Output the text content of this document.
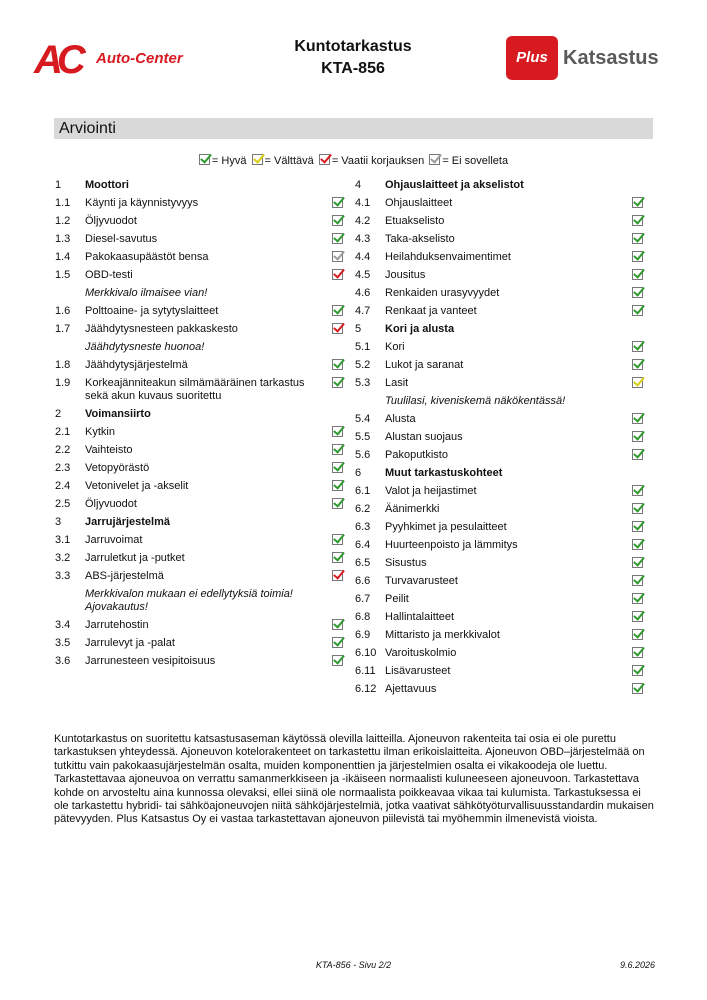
AC Auto-Center
Kuntotarkastus
KTA-856
Plus Katsastus
Arviointi
= Hyvä
= Välttävä
= Vaatii korjauksen
= Ei sovelleta
1	Moottori
1.1	Käynti ja käynnistyvyys
1.2	Öljyvuodot
1.3	Diesel-savutus
1.4	Pakokaasupäästöt bensa
1.5	OBD-testi
Merkkivalo ilmaisee vian!
1.6	Polttoaine- ja sytytyslaitteet
1.7	Jäähdytysnesteen pakkaskesto
Jäähdytysneste huonoa!
1.8	Jäähdytysjärjestelmä
1.9	Korkeajänniteakun silmämääräinen tarkastus sekä akun kuvaus suoritettu
2	Voimansiirto
2.1	Kytkin
2.2	Vaihteisto
2.3	Vetopyörästö
2.4	Vetonivelet ja -akselit
2.5	Öljyvuodot
3	Jarrujärjestelmä
3.1	Jarruvoimat
3.2	Jarruletkut ja -putket
3.3	ABS-järjestelmä
Merkkivalon mukaan ei edellytyksiä toimia! Ajovakautus!
3.4	Jarrutehostin
3.5	Jarrulevyt ja -palat
3.6	Jarrunesteen vesipitoisuus
4	Ohjauslaitteet ja akselistot
4.1	Ohjauslaitteet
4.2	Etuakselisto
4.3	Taka-akselisto
4.4	Heilahduksenvaimentimet
4.5	Jousitus
4.6	Renkaiden urasyvyydet
4.7	Renkaat ja vanteet
5	Kori ja alusta
5.1	Kori
5.2	Lukot ja saranat
5.3	Lasit
Tuulilasi, kiveniskemä näkökentässä!
5.4	Alusta
5.5	Alustan suojaus
5.6	Pakoputkisto
6	Muut tarkastuskohteet
6.1	Valot ja heijastimet
6.2	Äänimerkki
6.3	Pyyhkimet ja pesulaitteet
6.4	Huurteenpoisto ja lämmitys
6.5	Sisustus
6.6	Turvavarusteet
6.7	Peilit
6.8	Hallintalaitteet
6.9	Mittaristo ja merkkivalot
6.10 Varoituskolmio
6.11 Lisävarusteet
6.12 Ajettavuus
Kuntotarkastus on suoritettu katsastusaseman käytössä olevilla laitteilla. Ajoneuvon rakenteita tai osia ei ole purettu tarkastuksen yhteydessä. Ajoneuvon kotelorakenteet on tarkastettu ilman erikoislaitteita. Ajoneuvon OBD–järjestelmää on tutkittu vain pakokaasujärjestelmän osalta, muiden komponenttien ja järjestelmien osalta ei vikakoodeja ole luettu. Tarkastettavaa ajoneuvoa on verrattu samanmerkkiseen ja -ikäiseen normaalisti kuluneeseen ajoneuvoon. Tarkastettava kohde on arvosteltu aina kunnossa olevaksi, ellei siinä ole normaalista poikkeavaa vikaa tai kulumista. Tarkastuksessa ei ole tarkastettu hybridi- tai sähköajoneuvojen niitä sähköjärjestelmiä, jotka vaativat sähkötyöturvallisuusstandardin mukaisen pätevyyden. Plus Katsastus Oy ei vastaa tarkastettavan ajoneuvon piilevistä tai myöhemmin ilmenevistä vioista.
KTA-856 - Sivu 2/2	9.6.2026
